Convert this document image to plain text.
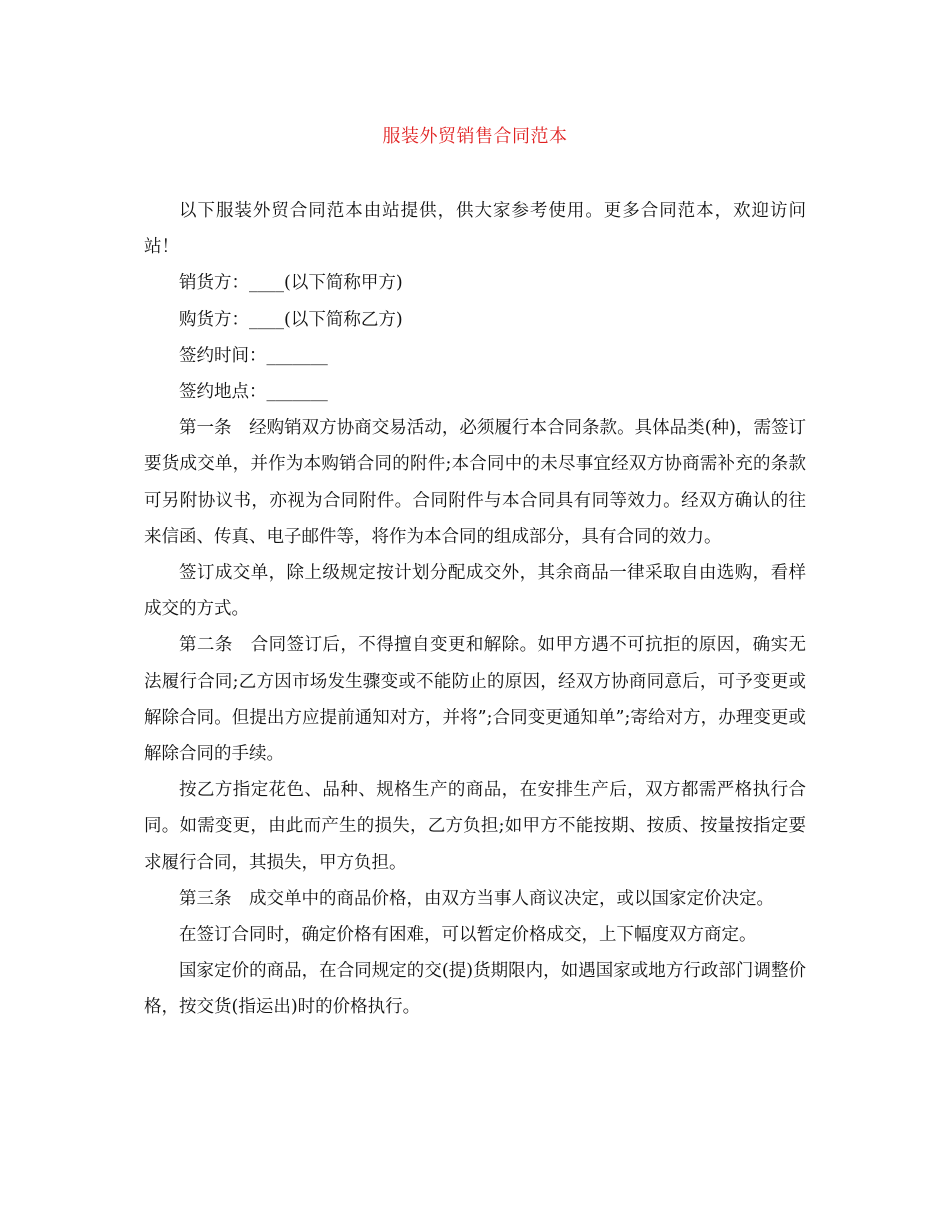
服装外贸销售合同范本

以下服装外贸合同范本由站提供，供大家参考使用。更多合同范本，欢迎访问站！

销货方：____(以下简称甲方)

购货方：____(以下简称乙方)

签约时间：_______

签约地点：_______

第一条　经购销双方协商交易活动，必须履行本合同条款。具体品类(种)，需签订要货成交单，并作为本购销合同的附件;本合同中的未尽事宜经双方协商需补充的条款可另附协议书，亦视为合同附件。合同附件与本合同具有同等效力。经双方确认的往来信函、传真、电子邮件等，将作为本合同的组成部分，具有合同的效力。

签订成交单，除上级规定按计划分配成交外，其余商品一律采取自由选购，看样成交的方式。

第二条　合同签订后，不得擅自变更和解除。如甲方遇不可抗拒的原因，确实无法履行合同;乙方因市场发生骤变或不能防止的原因，经双方协商同意后，可予变更或解除合同。但提出方应提前通知对方，并将”;合同变更通知单”;寄给对方，办理变更或解除合同的手续。

按乙方指定花色、品种、规格生产的商品，在安排生产后，双方都需严格执行合同。如需变更，由此而产生的损失，乙方负担;如甲方不能按期、按质、按量按指定要求履行合同，其损失，甲方负担。

第三条　成交单中的商品价格，由双方当事人商议决定，或以国家定价决定。

在签订合同时，确定价格有困难，可以暂定价格成交，上下幅度双方商定。

国家定价的商品，在合同规定的交(提)货期限内，如遇国家或地方行政部门调整价格，按交货(指运出)时的价格执行。
